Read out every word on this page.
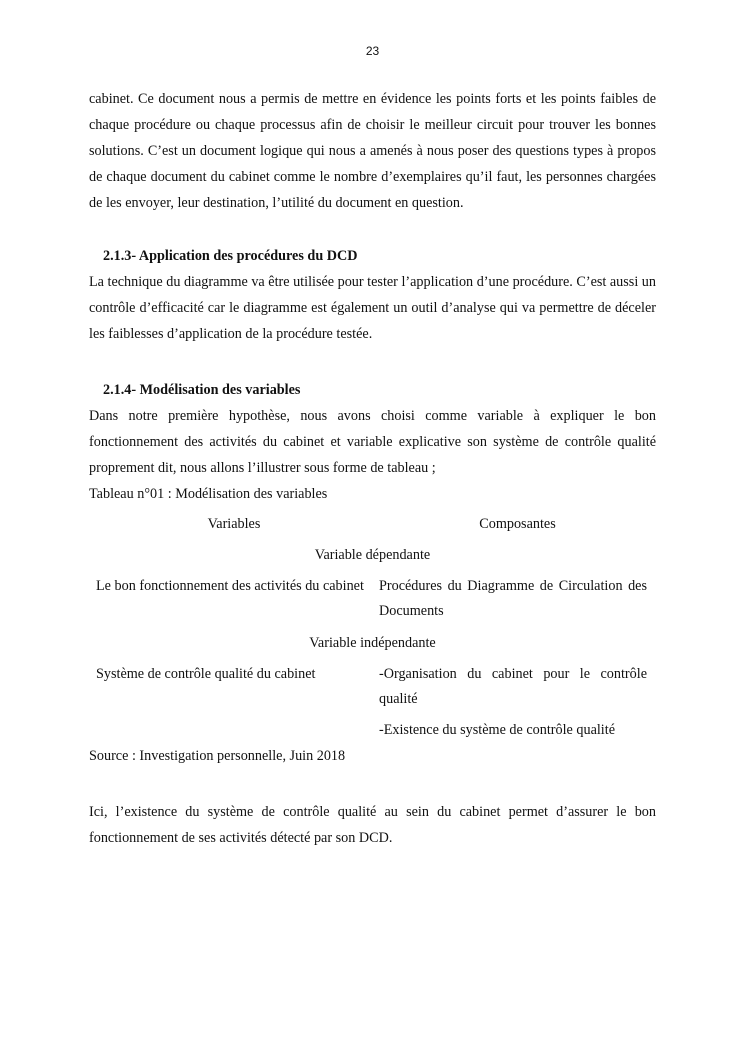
23

cabinet. Ce document nous a permis de mettre en évidence les points forts et les points faibles de chaque procédure ou chaque processus afin de choisir le meilleur circuit pour trouver les bonnes solutions. C’est un document logique qui nous a amenés à nous poser des questions types à propos de chaque document du cabinet comme le nombre d’exemplaires qu’il faut, les personnes chargées de les envoyer, leur destination, l’utilité du document en question.

2.1.3- Application des procédures du DCD

La technique du diagramme va être utilisée pour tester l’application d’une procédure. C’est aussi un contrôle d’efficacité car le diagramme est également un outil d’analyse qui va permettre de déceler les faiblesses d’application de la procédure testée.

2.1.4- Modélisation des variables

Dans notre première hypothèse, nous avons choisi comme variable à expliquer le bon fonctionnement des activités du cabinet et variable explicative son système de contrôle qualité proprement dit, nous allons l’illustrer sous forme de tableau ;

Tableau n°01 : Modélisation des variables

Variables	Composantes
Variable dépendante	
Le bon fonctionnement des activités du cabinet	Procédures du Diagramme de Circulation des Documents

Variable indépendante	
Système de contrôle qualité du cabinet	-Organisation du cabinet pour le contrôle qualité
-Existence du système de contrôle qualité

Source : Investigation personnelle, Juin 2018

Ici, l’existence du système de contrôle qualité au sein du cabinet permet d’assurer le bon fonctionnement de ses activités détecté par son DCD.
